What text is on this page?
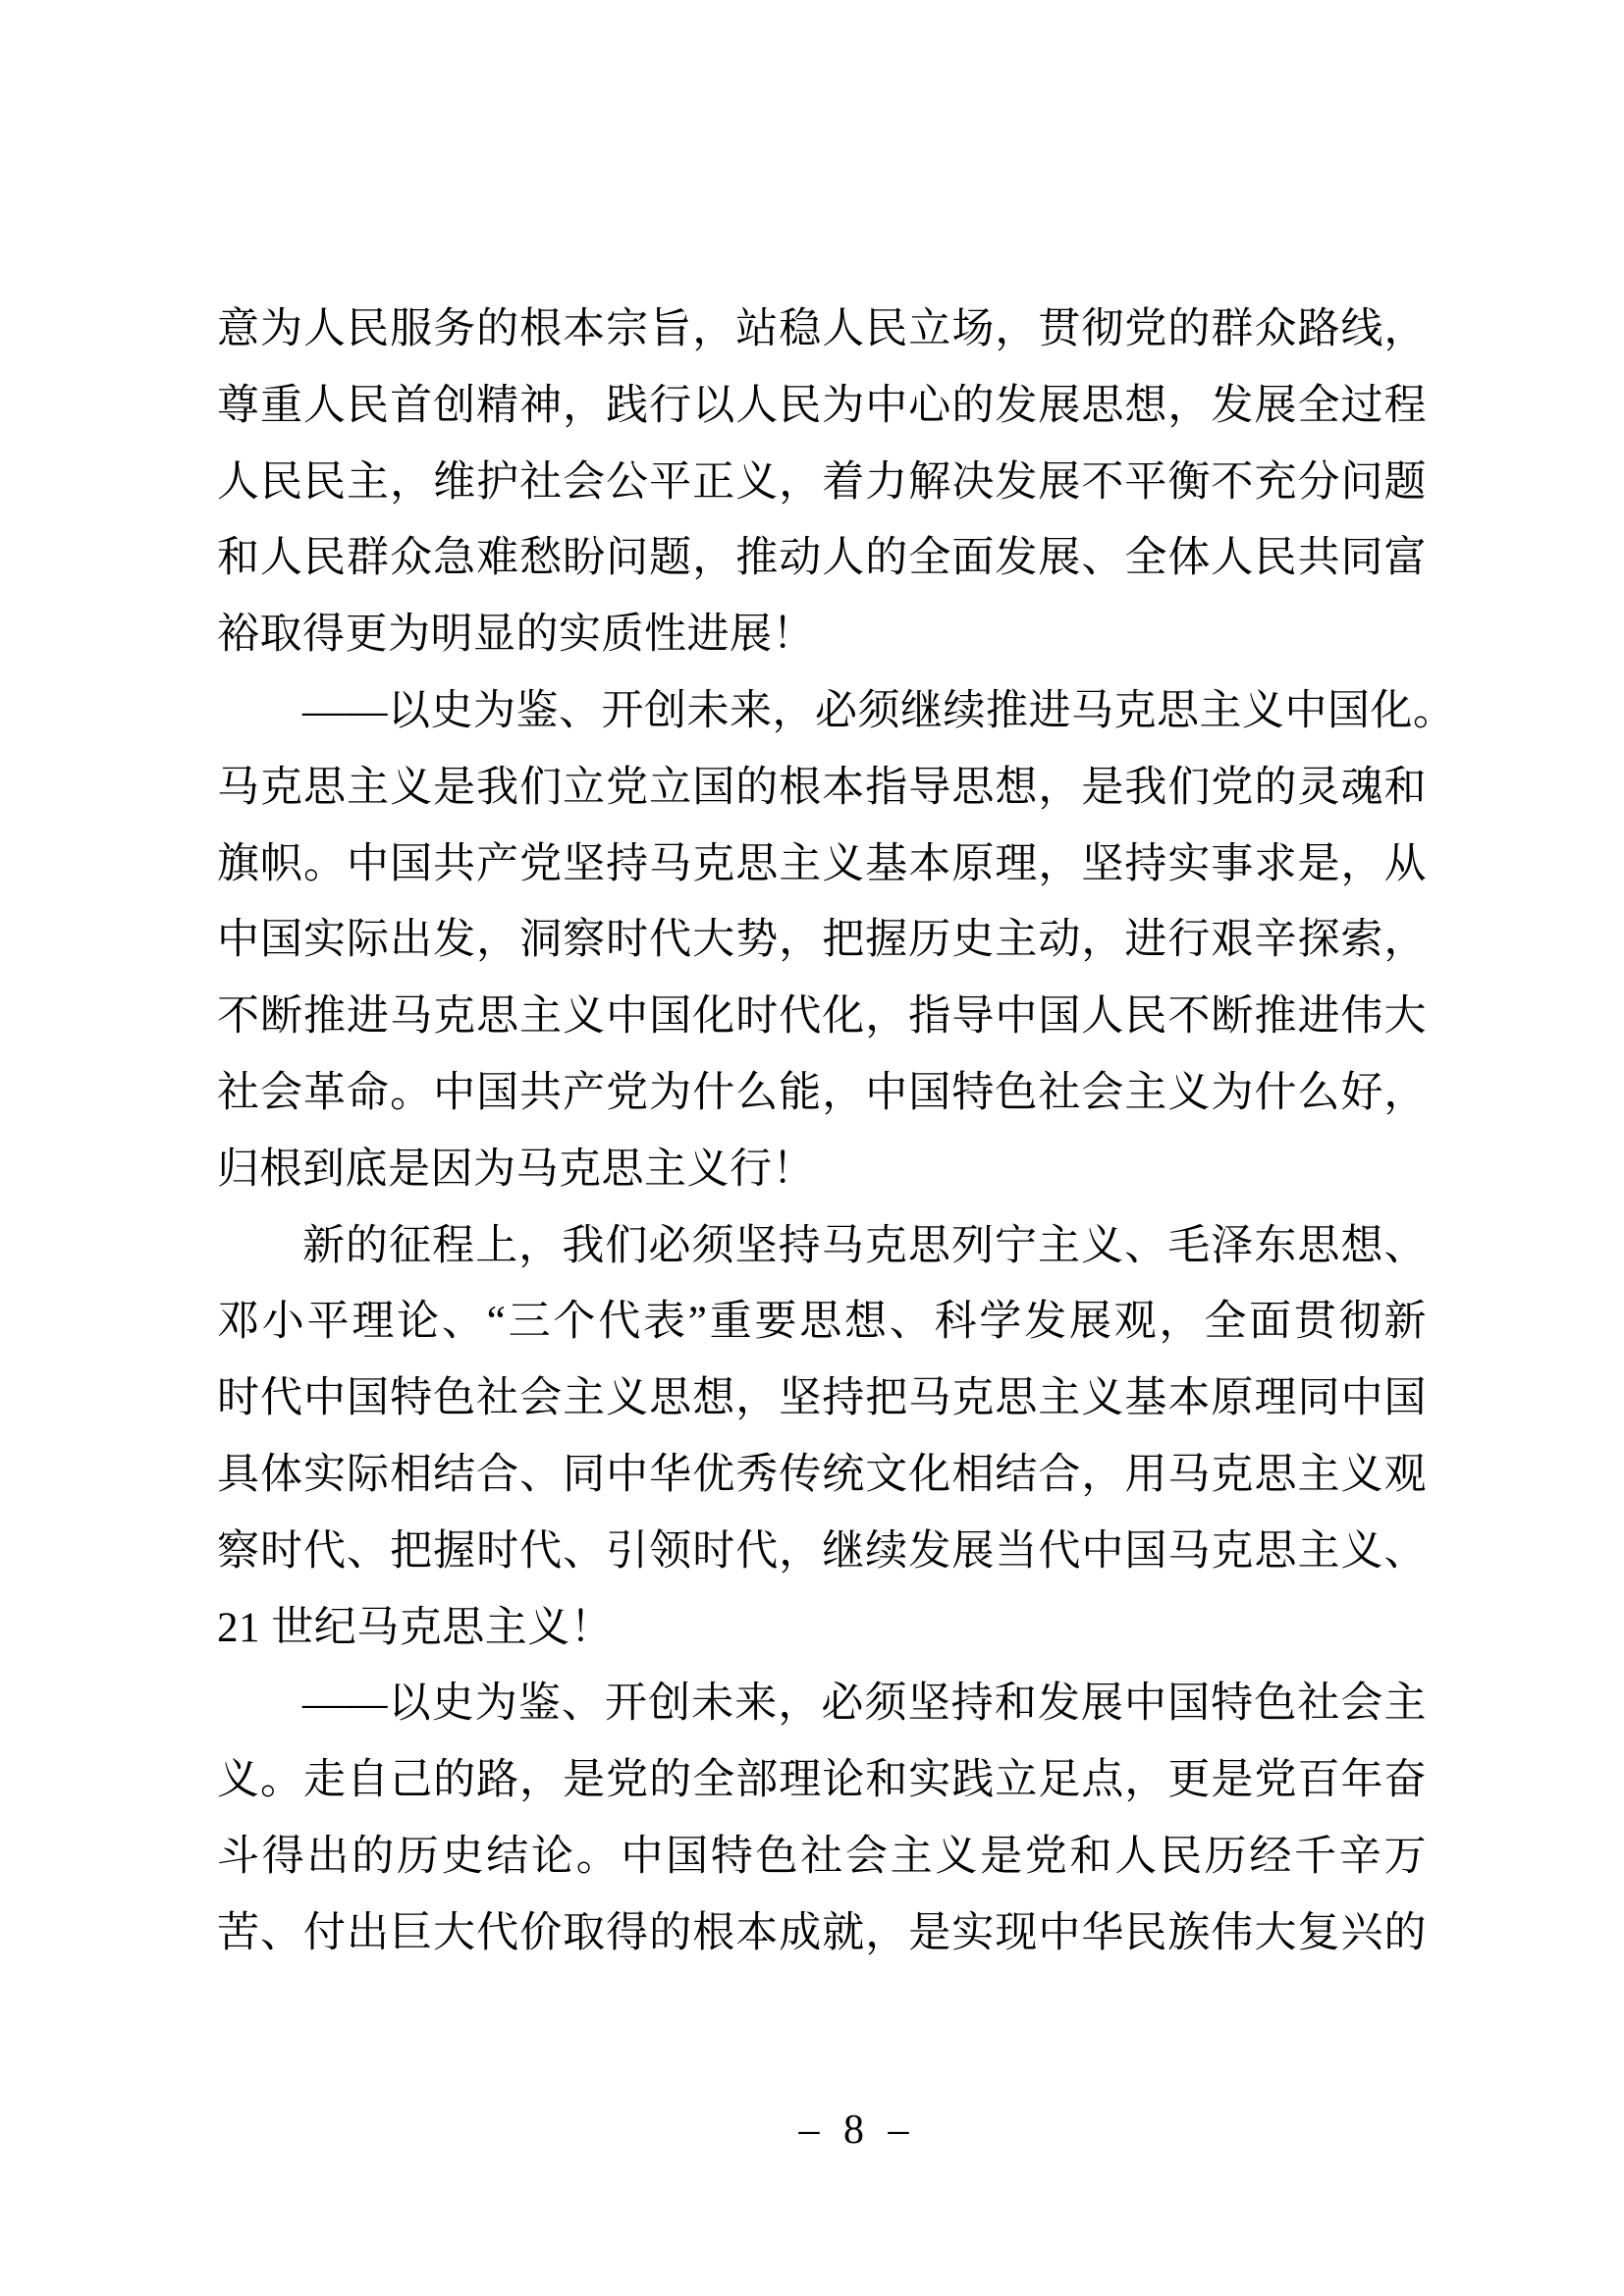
意为人民服务的根本宗旨，站稳人民立场，贯彻党的群众路线，
尊重人民首创精神，践行以人民为中心的发展思想，发展全过程
人民民主，维护社会公平正义，着力解决发展不平衡不充分问题
和人民群众急难愁盼问题，推动人的全面发展、全体人民共同富
裕取得更为明显的实质性进展！
——以史为鉴、开创未来，必须继续推进马克思主义中国化。
马克思主义是我们立党立国的根本指导思想，是我们党的灵魂和
旗帜。中国共产党坚持马克思主义基本原理，坚持实事求是，从
中国实际出发，洞察时代大势，把握历史主动，进行艰辛探索，
不断推进马克思主义中国化时代化，指导中国人民不断推进伟大
社会革命。中国共产党为什么能，中国特色社会主义为什么好，
归根到底是因为马克思主义行！
新的征程上，我们必须坚持马克思列宁主义、毛泽东思想、
邓小平理论、“三个代表”重要思想、科学发展观，全面贯彻新
时代中国特色社会主义思想，坚持把马克思主义基本原理同中国
具体实际相结合、同中华优秀传统文化相结合，用马克思主义观
察时代、把握时代、引领时代，继续发展当代中国马克思主义、
21 世纪马克思主义！
——以史为鉴、开创未来，必须坚持和发展中国特色社会主
义。走自己的路，是党的全部理论和实践立足点，更是党百年奋
斗得出的历史结论。中国特色社会主义是党和人民历经千辛万
苦、付出巨大代价取得的根本成就，是实现中华民族伟大复兴的
– 8 –
